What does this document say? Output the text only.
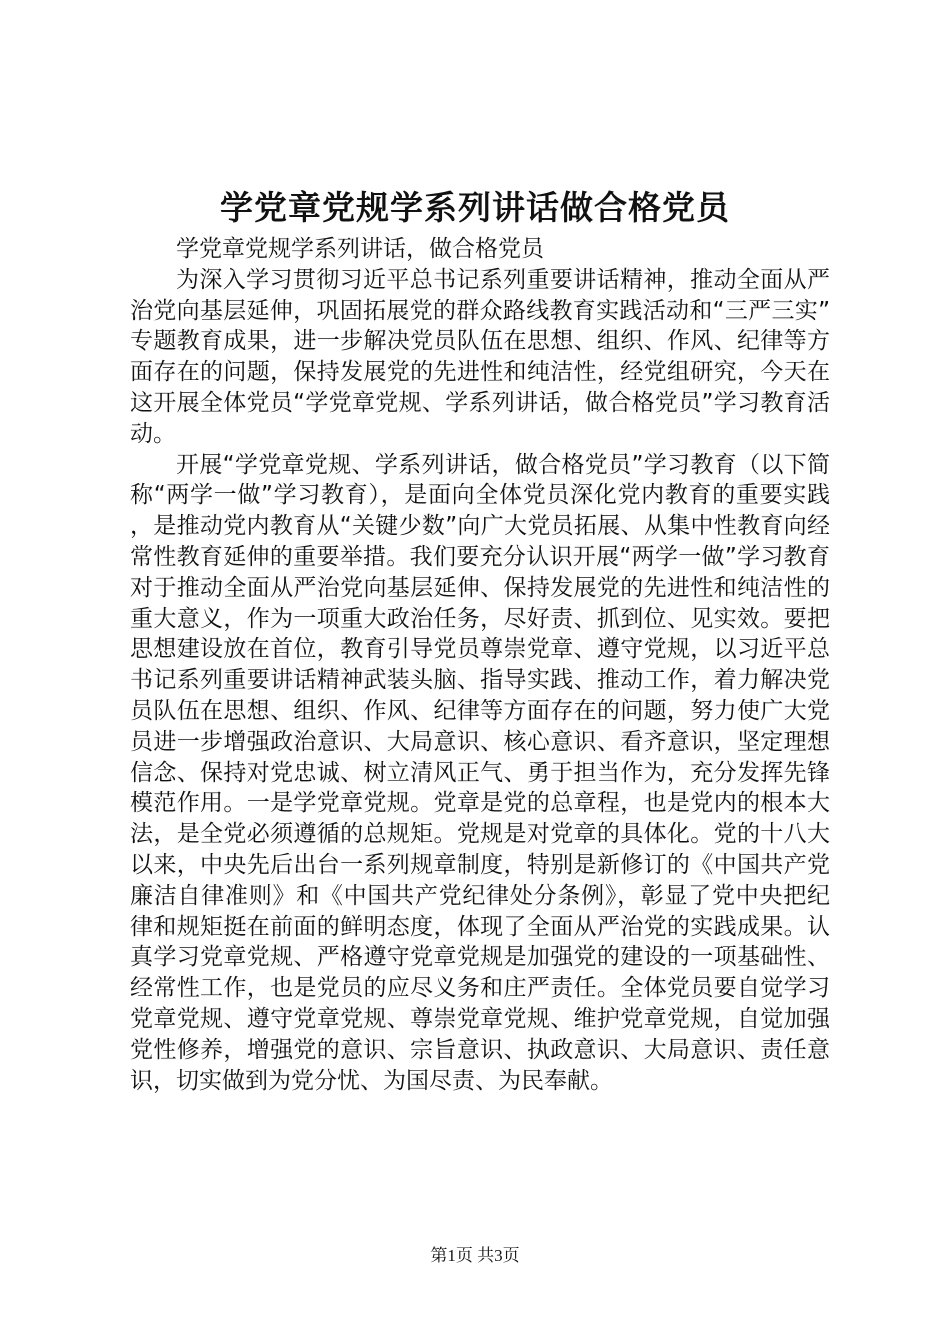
学党章党规学系列讲话做合格党员

学党章党规学系列讲话，做合格党员

为深入学习贯彻习近平总书记系列重要讲话精神，推动全面从严治党向基层延伸，巩固拓展党的群众路线教育实践活动和“三严三实”专题教育成果，进一步解决党员队伍在思想、组织、作风、纪律等方面存在的问题，保持发展党的先进性和纯洁性，经党组研究，今天在这开展全体党员“学党章党规、学系列讲话，做合格党员”学习教育活动。

开展“学党章党规、学系列讲话，做合格党员”学习教育（以下简称“两学一做”学习教育），是面向全体党员深化党内教育的重要实践，是推动党内教育从“关键少数”向广大党员拓展、从集中性教育向经常性教育延伸的重要举措。我们要充分认识开展“两学一做”学习教育对于推动全面从严治党向基层延伸、保持发展党的先进性和纯洁性的重大意义，作为一项重大政治任务，尽好责、抓到位、见实效。要把思想建设放在首位，教育引导党员尊崇党章、遵守党规，以习近平总书记系列重要讲话精神武装头脑、指导实践、推动工作，着力解决党员队伍在思想、组织、作风、纪律等方面存在的问题，努力使广大党员进一步增强政治意识、大局意识、核心意识、看齐意识，坚定理想信念、保持对党忠诚、树立清风正气、勇于担当作为，充分发挥先锋模范作用。一是学党章党规。党章是党的总章程，也是党内的根本大法，是全党必须遵循的总规矩。党规是对党章的具体化。党的十八大以来，中央先后出台一系列规章制度，特别是新修订的《中国共产党廉洁自律准则》和《中国共产党纪律处分条例》，彰显了党中央把纪律和规矩挺在前面的鲜明态度，体现了全面从严治党的实践成果。认真学习党章党规、严格遵守党章党规是加强党的建设的一项基础性、经常性工作，也是党员的应尽义务和庄严责任。全体党员要自觉学习党章党规、遵守党章党规、尊崇党章党规、维护党章党规，自觉加强党性修养，增强党的意识、宗旨意识、执政意识、大局意识、责任意识，切实做到为党分忧、为国尽责、为民奉献。

第1页 共3页
